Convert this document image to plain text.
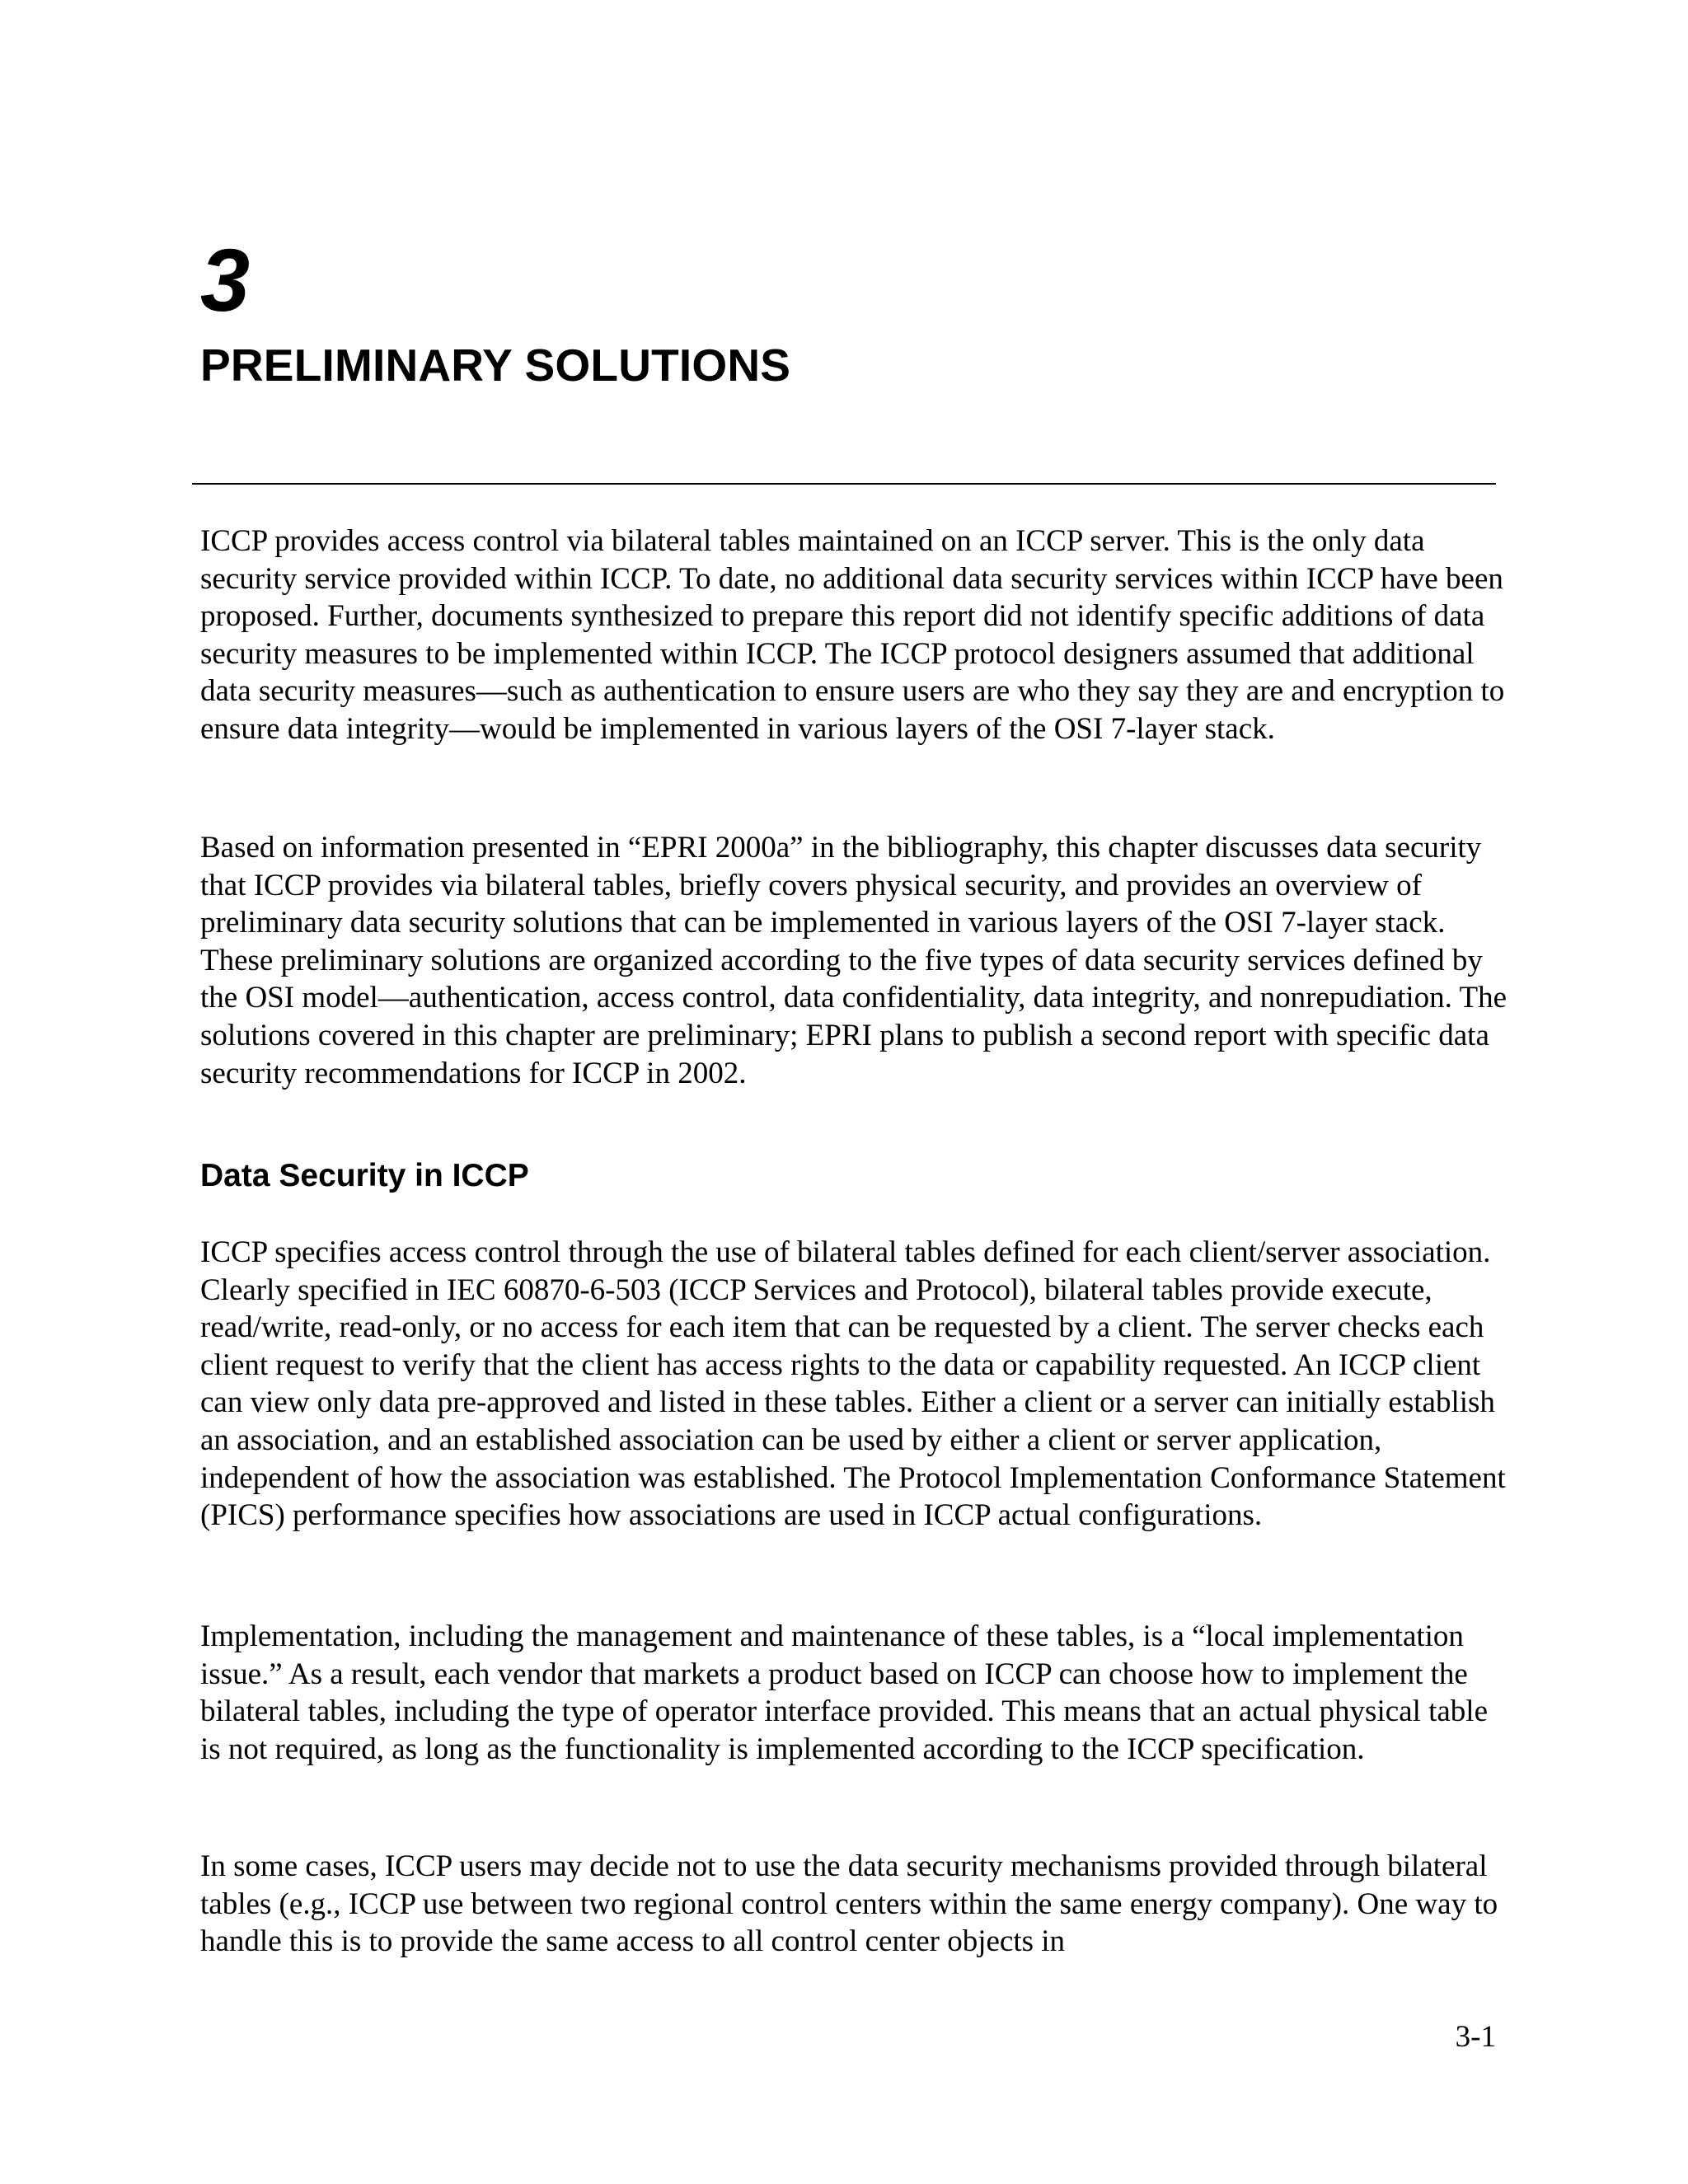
3
PRELIMINARY SOLUTIONS

ICCP provides access control via bilateral tables maintained on an ICCP server. This is the only data security service provided within ICCP. To date, no additional data security services within ICCP have been proposed. Further, documents synthesized to prepare this report did not identify specific additions of data security measures to be implemented within ICCP. The ICCP protocol designers assumed that additional data security measures—such as authentication to ensure users are who they say they are and encryption to ensure data integrity—would be implemented in various layers of the OSI 7-layer stack.

Based on information presented in “EPRI 2000a” in the bibliography, this chapter discusses data security that ICCP provides via bilateral tables, briefly covers physical security, and provides an overview of preliminary data security solutions that can be implemented in various layers of the OSI 7-layer stack. These preliminary solutions are organized according to the five types of data security services defined by the OSI model—authentication, access control, data confidentiality, data integrity, and nonrepudiation. The solutions covered in this chapter are preliminary; EPRI plans to publish a second report with specific data security recommendations for ICCP in 2002.

Data Security in ICCP

ICCP specifies access control through the use of bilateral tables defined for each client/server association. Clearly specified in IEC 60870-6-503 (ICCP Services and Protocol), bilateral tables provide execute, read/write, read-only, or no access for each item that can be requested by a client. The server checks each client request to verify that the client has access rights to the data or capability requested. An ICCP client can view only data pre-approved and listed in these tables. Either a client or a server can initially establish an association, and an established association can be used by either a client or server application, independent of how the association was established. The Protocol Implementation Conformance Statement (PICS) performance specifies how associations are used in ICCP actual configurations.

Implementation, including the management and maintenance of these tables, is a “local implementation issue.” As a result, each vendor that markets a product based on ICCP can choose how to implement the bilateral tables, including the type of operator interface provided. This means that an actual physical table is not required, as long as the functionality is implemented according to the ICCP specification.

In some cases, ICCP users may decide not to use the data security mechanisms provided through bilateral tables (e.g., ICCP use between two regional control centers within the same energy company). One way to handle this is to provide the same access to all control center objects in

3-1
